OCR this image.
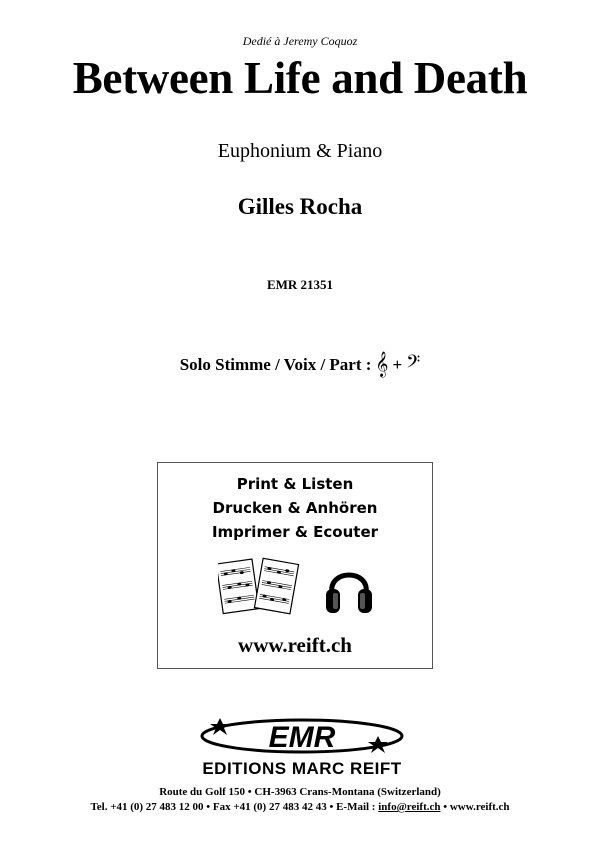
Dedié à Jeremy Coquoz
Between Life and Death
Euphonium & Piano
Gilles Rocha
EMR 21351
Solo Stimme / Voix / Part : 𝄞 + 𝄢
Print & Listen
Drucken & Anhören
Imprimer & Ecouter
www.reift.ch
EMR
EDITIONS MARC REIFT
Route du Golf 150 • CH-3963 Crans-Montana (Switzerland)
Tel. +41 (0) 27 483 12 00 • Fax +41 (0) 27 483 42 43 • E-Mail : info@reift.ch • www.reift.ch
